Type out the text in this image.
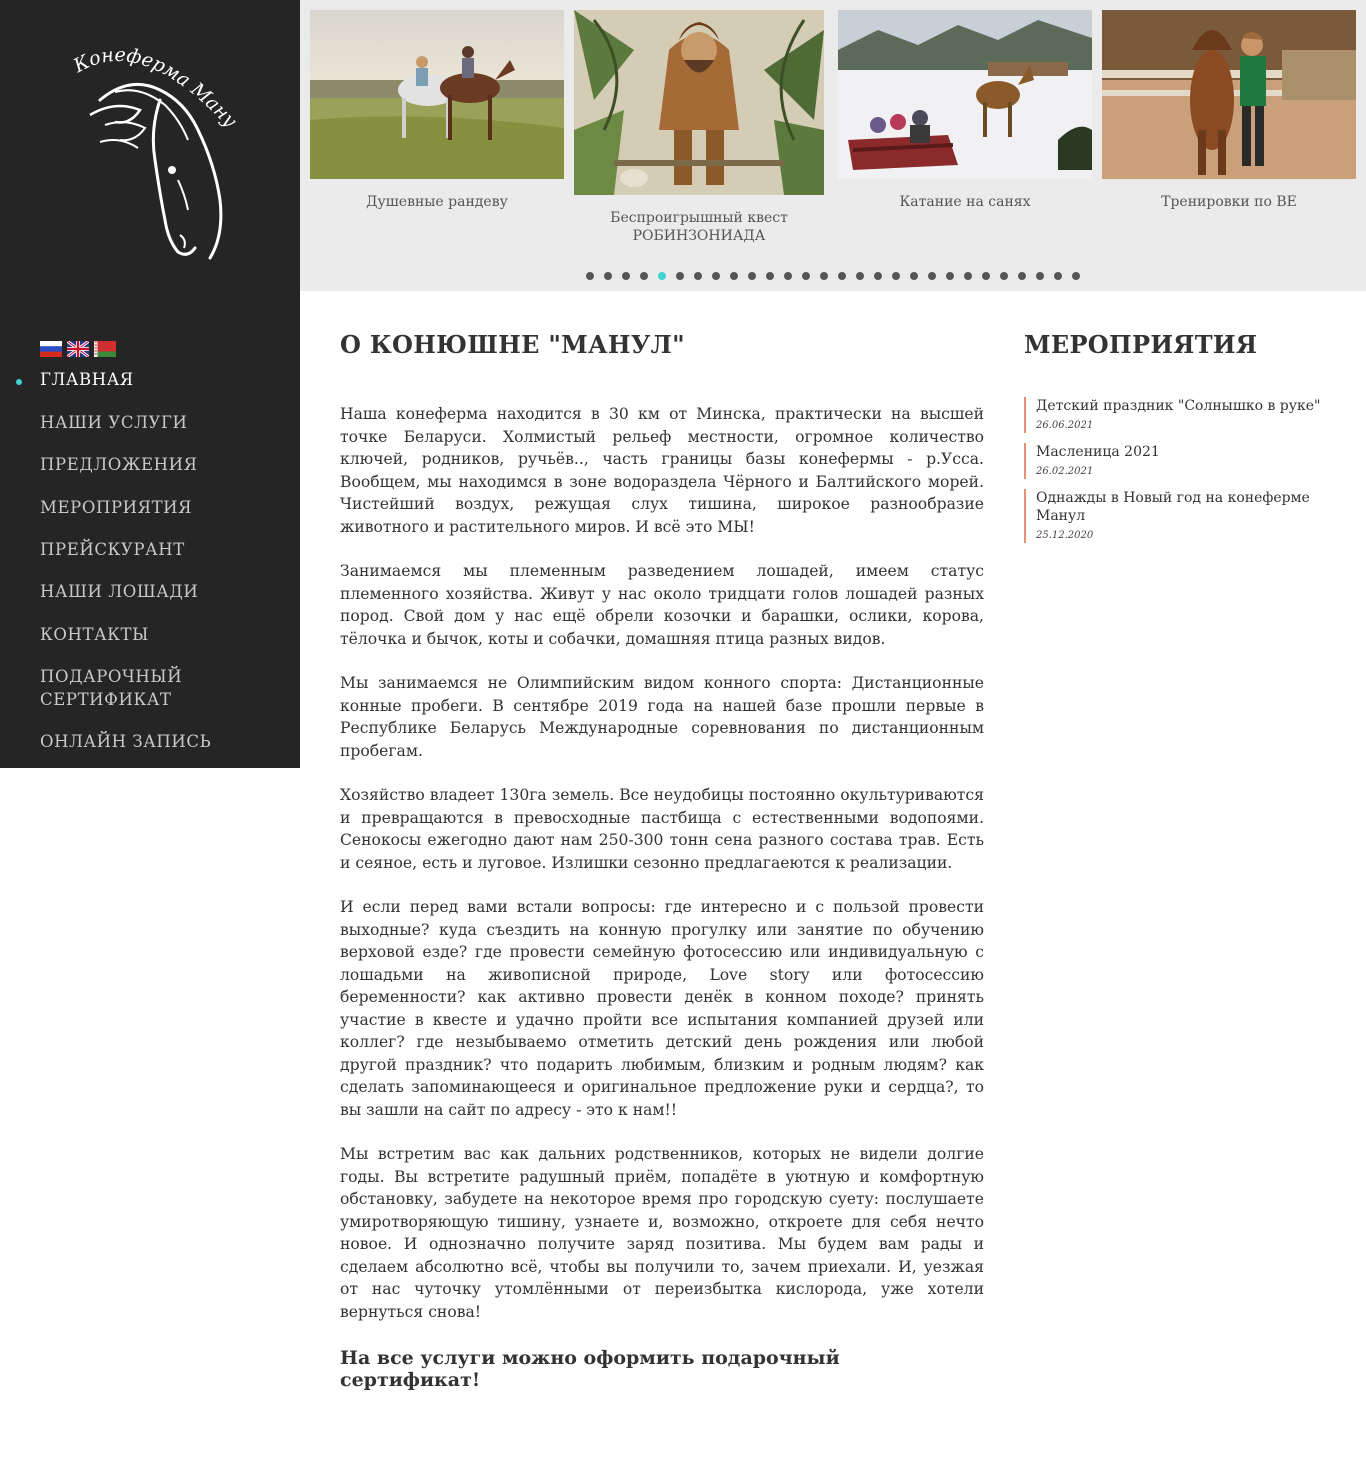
Конеферма Ману
ГЛАВНАЯ
НАШИ УСЛУГИ
ПРЕДЛОЖЕНИЯ
МЕРОПРИЯТИЯ
ПРЕЙСКУРАНТ
НАШИ ЛОШАДИ
КОНТАКТЫ
ПОДАРОЧНЫЙ СЕРТИФИКАТ
ОНЛАЙН ЗАПИСЬ
Душевные рандеву
Беспроигрышный квест РОБИНЗОНИАДА
Катание на санях	Тренировки по ВЕ
О КОНЮШНЕ "МАНУЛ"

Наша конеферма находится в 30 км от Минска, практически на высшей точке Беларуси. Холмистый рельеф местности, огромное количество ключей, родников, ручьёв.., часть границы базы конефермы - р.Усса. Вообщем, мы находимся в зоне водораздела Чёрного и Балтийского морей. Чистейший воздух, режущая слух тишина, широкое разнообразие животного и растительного миров. И всё это МЫ!

Занимаемся мы племенным разведением лошадей, имеем статус племенного хозяйства. Живут у нас около тридцати голов лошадей разных пород. Свой дом у нас ещё обрели козочки и барашки, ослики, корова, тёлочка и бычок, коты и собачки, домашняя птица разных видов.

Мы занимаемся не Олимпийским видом конного спорта: Дистанционные конные пробеги. В сентябре 2019 года на нашей базе прошли первые в Республике Беларусь Международные соревнования по дистанционным пробегам.

Хозяйство владеет 130га земель. Все неудобицы постоянно окультуриваются и превращаются в превосходные пастбища с естественными водопоями. Сенокосы ежегодно дают нам 250-300 тонн сена разного состава трав. Есть и сеяное, есть и луговое. Излишки сезонно предлагаеются к реализации.

И если перед вами встали вопросы: где интересно и с пользой провести выходные? куда съездить на конную прогулку или занятие по обучению верховой езде? где провести семейную фотосессию или индивидуальную с лошадьми на живописной природе, Love story или фотосессию беременности? как активно провести денёк в конном походе? принять участие в квесте и удачно пройти все испытания компанией друзей или коллег? где незыбываемо отметить детский день рождения или любой другой праздник? что подарить любимым, близким и родным людям? как сделать запоминающееся и оригинальное предложение руки и сердца?, то вы зашли на сайт по адресу - это к нам!!

Мы встретим вас как дальних родственников, которых не видели долгие годы. Вы встретите радушный приём, попадёте в уютную и комфортную обстановку, забудете на некоторое время про городскую суету: послушаете умиротворяющую тишину, узнаете и, возможно, откроете для себя нечто новое. И однозначно получите заряд позитива. Мы будем вам рады и сделаем абсолютно всё, чтобы вы получили то, зачем приехали. И, уезжая от нас чуточку утомлёнными от переизбытка кислорода, уже хотели вернуться снова!

На все услуги можно оформить подарочный сертификат!
МЕРОПРИЯТИЯ
Детский праздник "Солнышко в руке"
26.06.2021
Масленица 2021
26.02.2021
Однажды в Новый год на конеферме Манул
25.12.2020
